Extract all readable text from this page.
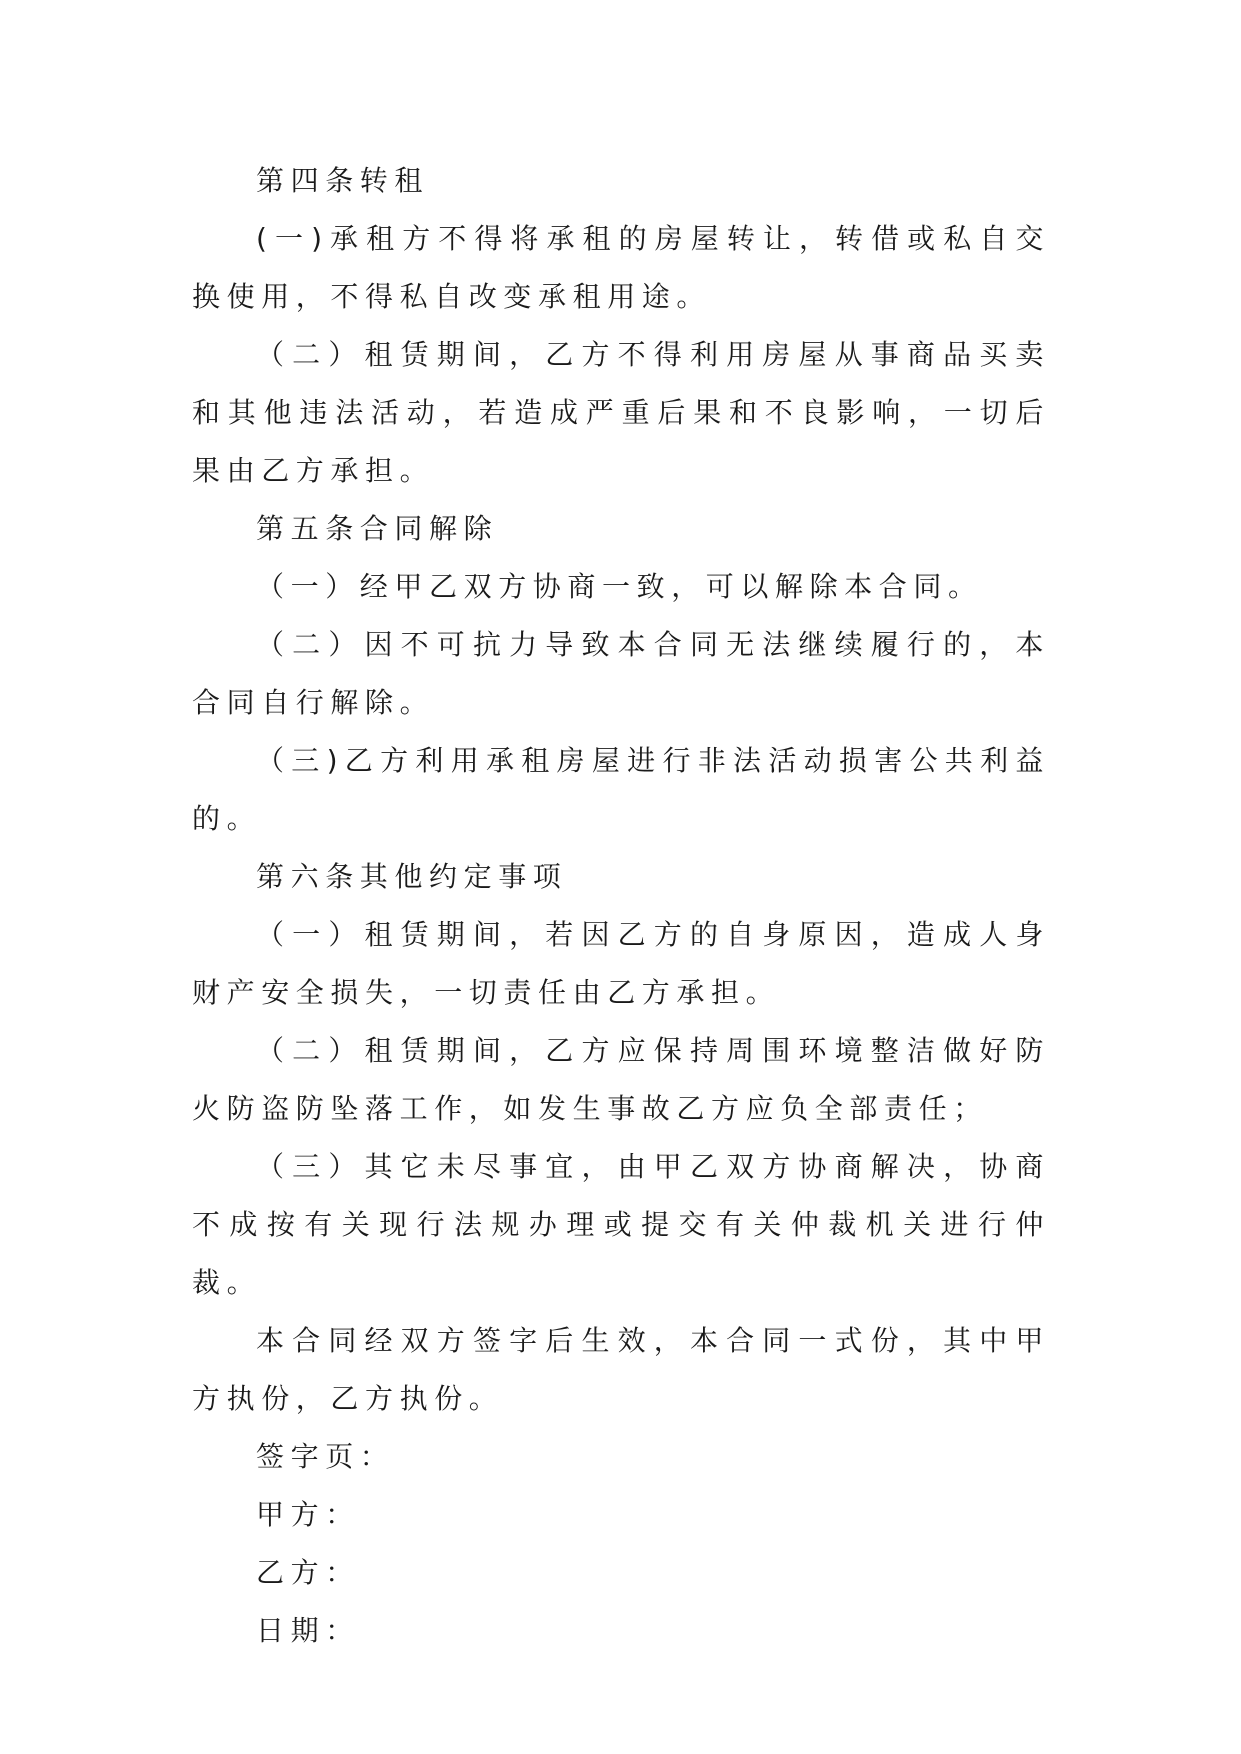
第四条转租

(一)承租方不得将承租的房屋转让，转借或私自交换使用，不得私自改变承租用途。

（二）租赁期间，乙方不得利用房屋从事商品买卖和其他违法活动，若造成严重后果和不良影响，一切后果由乙方承担。

第五条合同解除

（一）经甲乙双方协商一致，可以解除本合同。

（二）因不可抗力导致本合同无法继续履行的，本合同自行解除。

（三)乙方利用承租房屋进行非法活动损害公共利益的。

第六条其他约定事项

（一）租赁期间，若因乙方的自身原因，造成人身财产安全损失，一切责任由乙方承担。

（二）租赁期间，乙方应保持周围环境整洁做好防火防盗防坠落工作，如发生事故乙方应负全部责任；

（三）其它未尽事宜，由甲乙双方协商解决，协商不成按有关现行法规办理或提交有关仲裁机关进行仲裁。

本合同经双方签字后生效，本合同一式份，其中甲方执份，乙方执份。

签字页：

甲方：

乙方：

日期：
